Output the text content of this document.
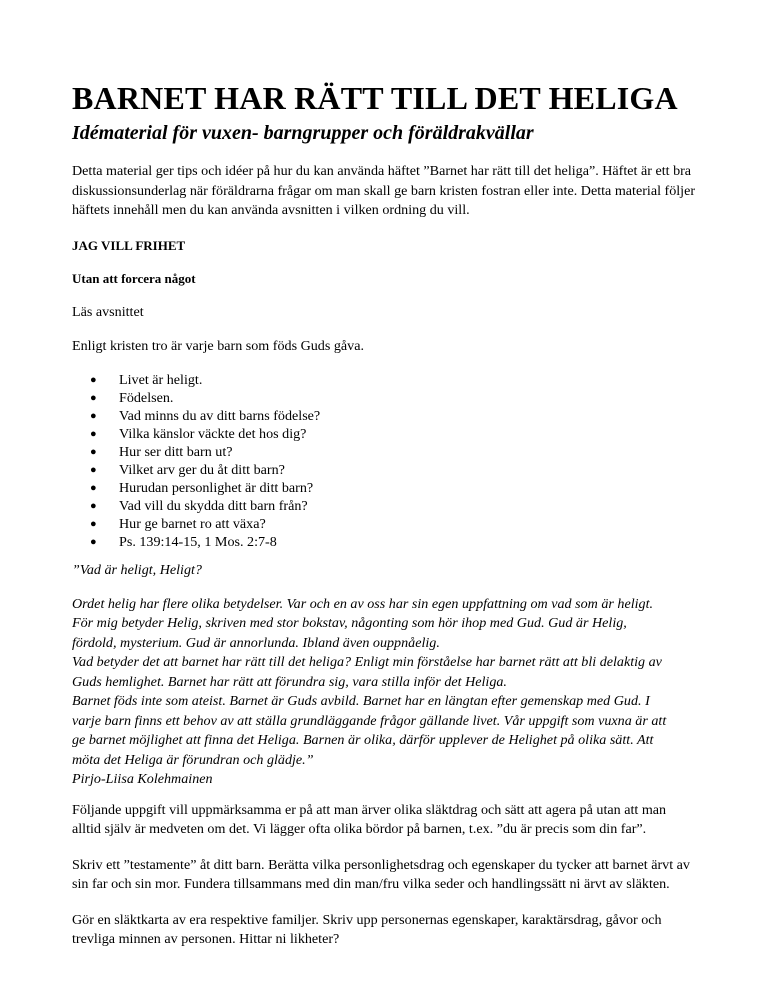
BARNET HAR RÄTT TILL DET HELIGA
Idématerial för vuxen- barngrupper och föräldrakvällar

Detta material ger tips och idéer på hur du kan använda häftet ”Barnet har rätt till det heliga”. Häftet är ett bra diskussionsunderlag när föräldrarna frågar om man skall ge barn kristen fostran eller inte. Detta material följer häftets innehåll men du kan använda avsnitten i vilken ordning du vill.

JAG VILL FRIHET

Utan att forcera något

Läs avsnittet

Enligt kristen tro är varje barn som föds Guds gåva.

● Livet är heligt.
● Födelsen.
● Vad minns du av ditt barns födelse?
● Vilka känslor väckte det hos dig?
● Hur ser ditt barn ut?
● Vilket arv ger du åt ditt barn?
● Hurudan personlighet är ditt barn?
● Vad vill du skydda ditt barn från?
● Hur ge barnet ro att växa?
● Ps. 139:14-15, 1 Mos. 2:7-8

”Vad är heligt, Heligt?

Ordet helig har flere olika betydelser. Var och en av oss har sin egen uppfattning om vad som är heligt.

För mig betyder Helig, skriven med stor bokstav, någonting som hör ihop med Gud. Gud är Helig,

fördold, mysterium. Gud är annorlunda. Ibland även ouppnåelig.

Vad betyder det att barnet har rätt till det heliga? Enligt min förståelse har barnet rätt att bli delaktig av

Guds hemlighet. Barnet har rätt att förundra sig, vara stilla inför det Heliga.

Barnet föds inte som ateist. Barnet är Guds avbild. Barnet har en längtan efter gemenskap med Gud. I

varje barn finns ett behov av att ställa grundläggande frågor gällande livet. Vår uppgift som vuxna är att

ge barnet möjlighet att finna det Heliga. Barnen är olika, därför upplever de Helighet på olika sätt. Att

möta det Heliga är förundran och glädje.”

Pirjo-Liisa Kolehmainen

Följande uppgift vill uppmärksamma er på att man ärver olika släktdrag och sätt att agera på utan att man alltid själv är medveten om det. Vi lägger ofta olika bördor på barnen, t.ex. ”du är precis som din far”.

Skriv ett ”testamente” åt ditt barn. Berätta vilka personlighetsdrag och egenskaper du tycker att barnet ärvt av sin far och sin mor. Fundera tillsammans med din man/fru vilka seder och handlingssätt ni ärvt av släkten.

Gör en släktkarta av era respektive familjer. Skriv upp personernas egenskaper, karaktärsdrag, gåvor och trevliga minnen av personen. Hittar ni likheter?
